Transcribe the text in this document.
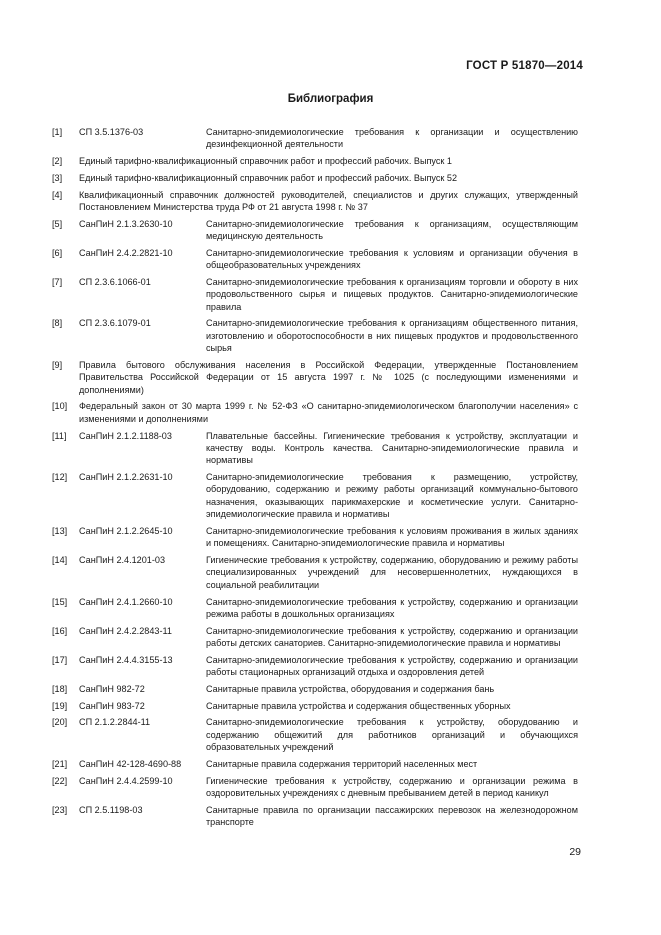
ГОСТ Р 51870—2014
Библиография
[1] СП 3.5.1376-03	Санитарно-эпидемиологические требования к организации и осуществлению дезинфекционной деятельности
[2] Единый тарифно-квалификационный справочник работ и профессий рабочих. Выпуск 1
[3] Единый тарифно-квалификационный справочник работ и профессий рабочих. Выпуск 52
[4] Квалификационный справочник должностей руководителей, специалистов и других служащих, утвержденный Постановлением Министерства труда РФ от 21 августа 1998 г. № 37
[5] СанПиН 2.1.3.2630-10	Санитарно-эпидемиологические требования к организациям, осуществляющим медицинскую деятельность
[6] СанПиН 2.4.2.2821-10	Санитарно-эпидемиологические требования к условиям и организации обучения в общеобразовательных учреждениях
[7] СП 2.3.6.1066-01	Санитарно-эпидемиологические требования к организациям торговли и обороту в них продовольственного сырья и пищевых продуктов. Санитарно-эпидемиологические правила
[8] СП 2.3.6.1079-01	Санитарно-эпидемиологические требования к организациям общественного питания, изготовлению и оборотоспособности в них пищевых продуктов и продовольственного сырья
[9] Правила бытового обслуживания населения в Российской Федерации, утвержденные Постановлением Правительства Российской Федерации от 15 августа 1997 г. № 1025 (с последующими изменениями и дополнениями)
[10] Федеральный закон от 30 марта 1999 г. № 52-ФЗ «О санитарно-эпидемиологическом благополучии населения» с изменениями и дополнениями
[11] СанПиН 2.1.2.1188-03	Плавательные бассейны. Гигиенические требования к устройству, эксплуатации и качеству воды. Контроль качества. Санитарно-эпидемиологические правила и нормативы
[12] СанПиН 2.1.2.2631-10	Санитарно-эпидемиологические требования к размещению, устройству, оборудованию, содержанию и режиму работы организаций коммунально-бытового назначения, оказывающих парикмахерские и косметические услуги. Санитарно-эпидемиологические правила и нормативы
[13] СанПиН 2.1.2.2645-10	Санитарно-эпидемиологические требования к условиям проживания в жилых зданиях и помещениях. Санитарно-эпидемиологические правила и нормативы
[14] СанПиН 2.4.1201-03	Гигиенические требования к устройству, содержанию, оборудованию и режиму работы специализированных учреждений для несовершеннолетних, нуждающихся в социальной реабилитации
[15] СанПиН 2.4.1.2660-10	Санитарно-эпидемиологические требования к устройству, содержанию и организации режима работы в дошкольных организациях
[16] СанПиН 2.4.2.2843-11	Санитарно-эпидемиологические требования к устройству, содержанию и организации работы детских санаториев. Санитарно-эпидемиологические правила и нормативы
[17] СанПиН 2.4.4.3155-13	Санитарно-эпидемиологические требования к устройству, содержанию и организации работы стационарных организаций отдыха и оздоровления детей
[18] СанПиН 982-72	Санитарные правила устройства, оборудования и содержания бань
[19] СанПиН 983-72	Санитарные правила устройства и содержания общественных уборных
[20] СП 2.1.2.2844-11	Санитарно-эпидемиологические требования к устройству, оборудованию и содержанию общежитий для работников организаций и обучающихся образовательных учреждений
[21] СанПиН 42-128-4690-88	Санитарные правила содержания территорий населенных мест
[22] СанПиН 2.4.4.2599-10	Гигиенические требования к устройству, содержанию и организации режима в оздоровительных учреждениях с дневным пребыванием детей в период каникул
[23] СП 2.5.1198-03	Санитарные правила по организации пассажирских перевозок на железнодорожном транспорте
29
